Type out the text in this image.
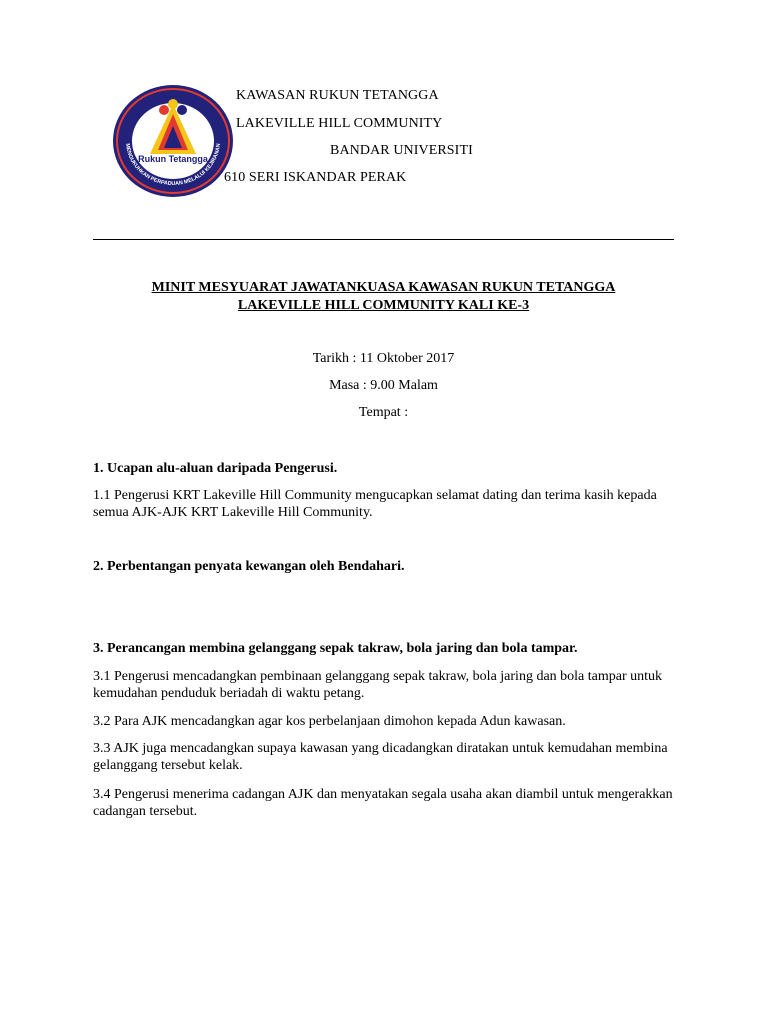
Rukun Tetangga
MENGUKUHKAN PERPADUAN MELALUI KEJIRANAN
KAWASAN RUKUN TETANGGA
LAKEVILLE HILL COMMUNITY
BANDAR UNIVERSITI
610 SERI ISKANDAR PERAK
MINIT MESYUARAT JAWATANKUASA KAWASAN RUKUN TETANGGA
LAKEVILLE HILL COMMUNITY KALI KE-3
Tarikh : 11 Oktober 2017
Masa : 9.00 Malam
Tempat :
1. Ucapan alu-aluan daripada Pengerusi.
1.1 Pengerusi KRT Lakeville Hill Community mengucapkan selamat dating dan terima kasih kepada semua AJK-AJK KRT Lakeville Hill Community.
2. Perbentangan penyata kewangan oleh Bendahari.
3. Perancangan membina gelanggang sepak takraw, bola jaring dan bola tampar.
3.1 Pengerusi mencadangkan pembinaan gelanggang sepak takraw, bola jaring dan bola tampar untuk kemudahan penduduk beriadah di waktu petang.
3.2 Para AJK mencadangkan agar kos perbelanjaan dimohon kepada Adun kawasan.
3.3 AJK juga mencadangkan supaya kawasan yang dicadangkan diratakan untuk kemudahan membina gelanggang tersebut kelak.
3.4 Pengerusi menerima cadangan AJK dan menyatakan segala usaha akan diambil untuk mengerakkan cadangan tersebut.
